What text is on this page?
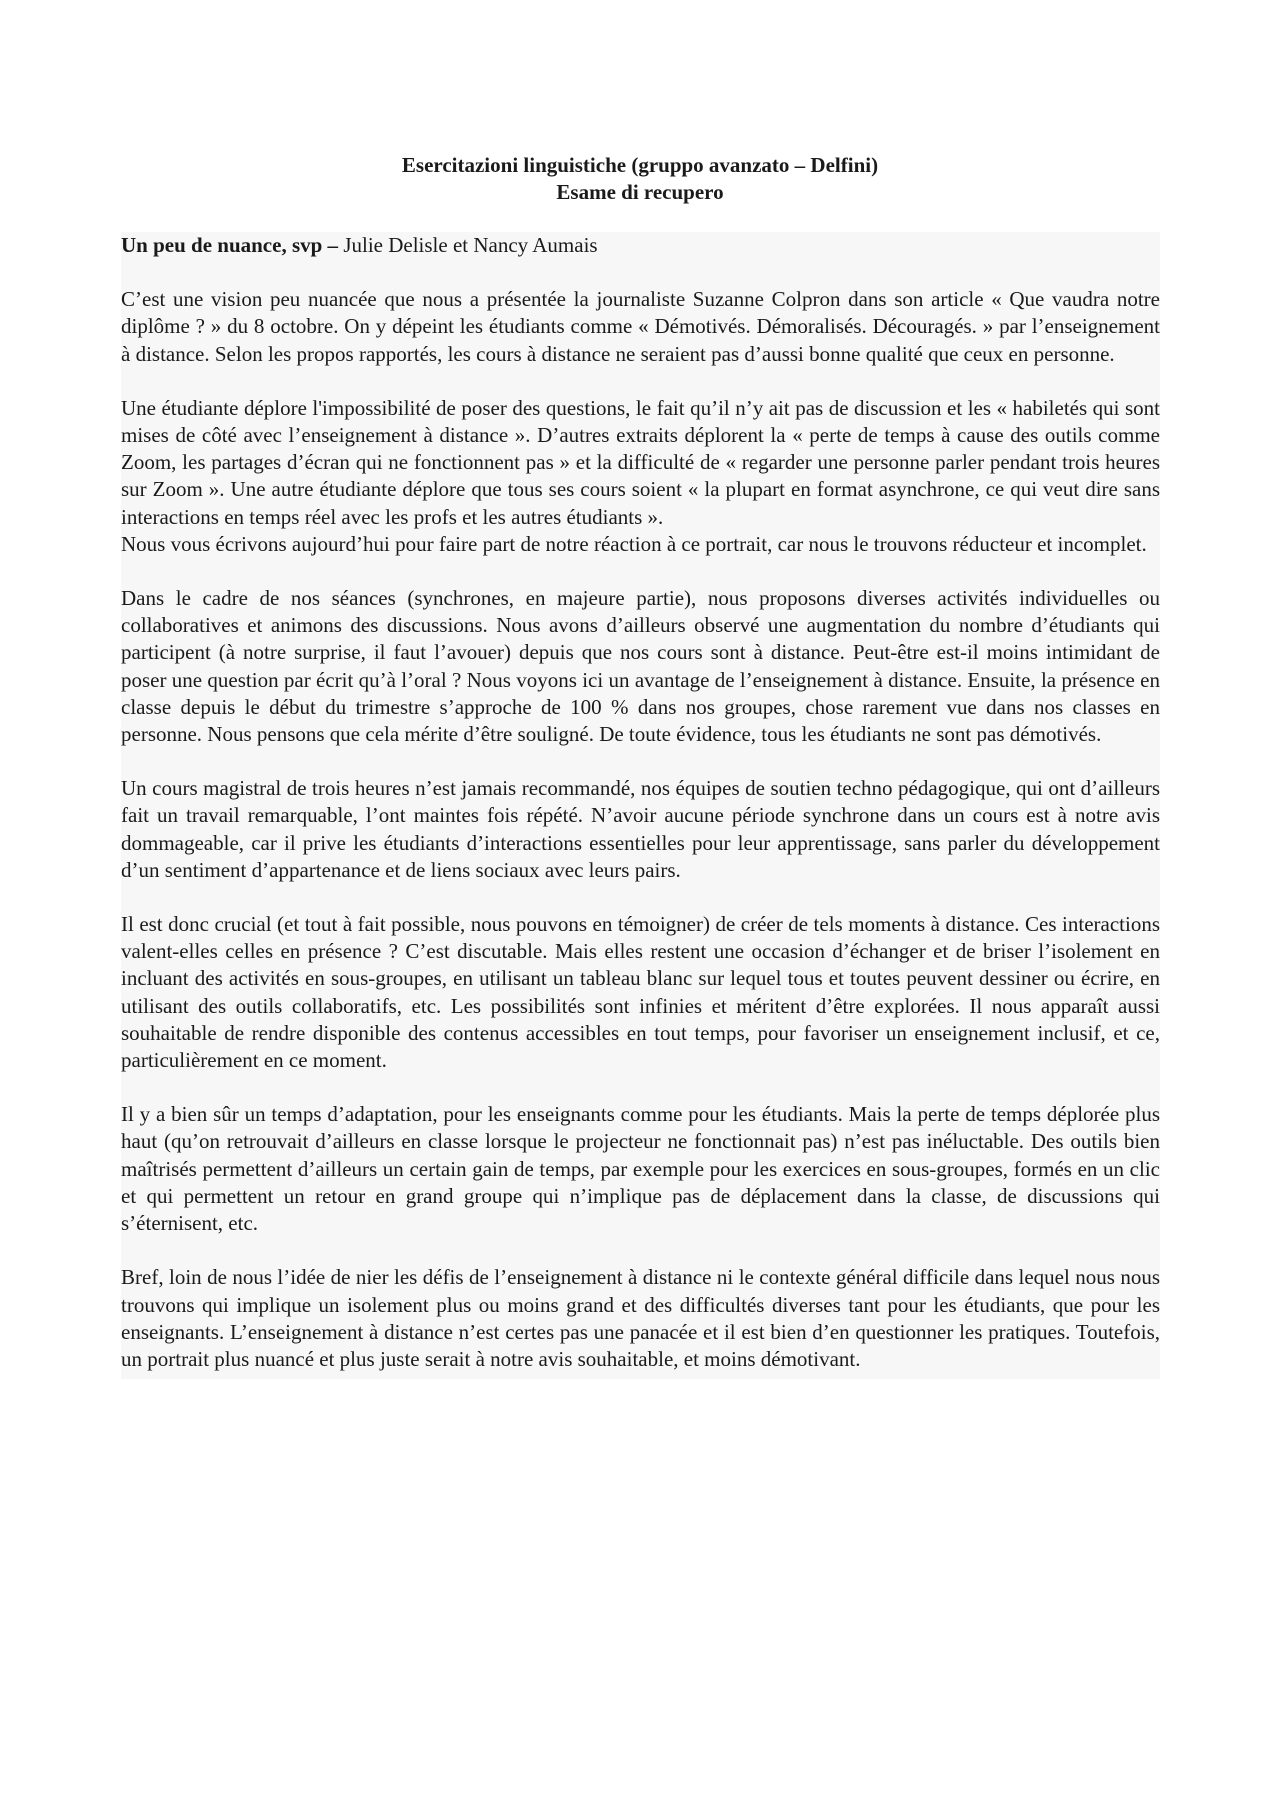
Esercitazioni linguistiche (gruppo avanzato – Delfini)
Esame di recupero

Un peu de nuance, svp – Julie Delisle et Nancy Aumais

C’est une vision peu nuancée que nous a présentée la journaliste Suzanne Colpron dans son article « Que vaudra notre diplôme ? » du 8 octobre. On y dépeint les étudiants comme « Démotivés. Démoralisés. Découragés. » par l’enseignement à distance. Selon les propos rapportés, les cours à distance ne seraient pas d’aussi bonne qualité que ceux en personne.

Une étudiante déplore l'impossibilité de poser des questions, le fait qu’il n’y ait pas de discussion et les « habiletés qui sont mises de côté avec l’enseignement à distance ». D’autres extraits déplorent la « perte de temps à cause des outils comme Zoom, les partages d’écran qui ne fonctionnent pas » et la difficulté de « regarder une personne parler pendant trois heures sur Zoom ». Une autre étudiante déplore que tous ses cours soient « la plupart en format asynchrone, ce qui veut dire sans interactions en temps réel avec les profs et les autres étudiants ».

Nous vous écrivons aujourd’hui pour faire part de notre réaction à ce portrait, car nous le trouvons réducteur et incomplet.

Dans le cadre de nos séances (synchrones, en majeure partie), nous proposons diverses activités individuelles ou collaboratives et animons des discussions. Nous avons d’ailleurs observé une augmentation du nombre d’étudiants qui participent (à notre surprise, il faut l’avouer) depuis que nos cours sont à distance. Peut-être est-il moins intimidant de poser une question par écrit qu’à l’oral ? Nous voyons ici un avantage de l’enseignement à distance. Ensuite, la présence en classe depuis le début du trimestre s’approche de 100 % dans nos groupes, chose rarement vue dans nos classes en personne. Nous pensons que cela mérite d’être souligné. De toute évidence, tous les étudiants ne sont pas démotivés.

Un cours magistral de trois heures n’est jamais recommandé, nos équipes de soutien techno pédagogique, qui ont d’ailleurs fait un travail remarquable, l’ont maintes fois répété. N’avoir aucune période synchrone dans un cours est à notre avis dommageable, car il prive les étudiants d’interactions essentielles pour leur apprentissage, sans parler du développement d’un sentiment d’appartenance et de liens sociaux avec leurs pairs.

Il est donc crucial (et tout à fait possible, nous pouvons en témoigner) de créer de tels moments à distance. Ces interactions valent-elles celles en présence ? C’est discutable. Mais elles restent une occasion d’échanger et de briser l’isolement en incluant des activités en sous-groupes, en utilisant un tableau blanc sur lequel tous et toutes peuvent dessiner ou écrire, en utilisant des outils collaboratifs, etc. Les possibilités sont infinies et méritent d’être explorées. Il nous apparaît aussi souhaitable de rendre disponible des contenus accessibles en tout temps, pour favoriser un enseignement inclusif, et ce, particulièrement en ce moment.

Il y a bien sûr un temps d’adaptation, pour les enseignants comme pour les étudiants. Mais la perte de temps déplorée plus haut (qu’on retrouvait d’ailleurs en classe lorsque le projecteur ne fonctionnait pas) n’est pas inéluctable. Des outils bien maîtrisés permettent d’ailleurs un certain gain de temps, par exemple pour les exercices en sous-groupes, formés en un clic et qui permettent un retour en grand groupe qui n’implique pas de déplacement dans la classe, de discussions qui s’éternisent, etc.

Bref, loin de nous l’idée de nier les défis de l’enseignement à distance ni le contexte général difficile dans lequel nous nous trouvons qui implique un isolement plus ou moins grand et des difficultés diverses tant pour les étudiants, que pour les enseignants. L’enseignement à distance n’est certes pas une panacée et il est bien d’en questionner les pratiques. Toutefois, un portrait plus nuancé et plus juste serait à notre avis souhaitable, et moins démotivant.
